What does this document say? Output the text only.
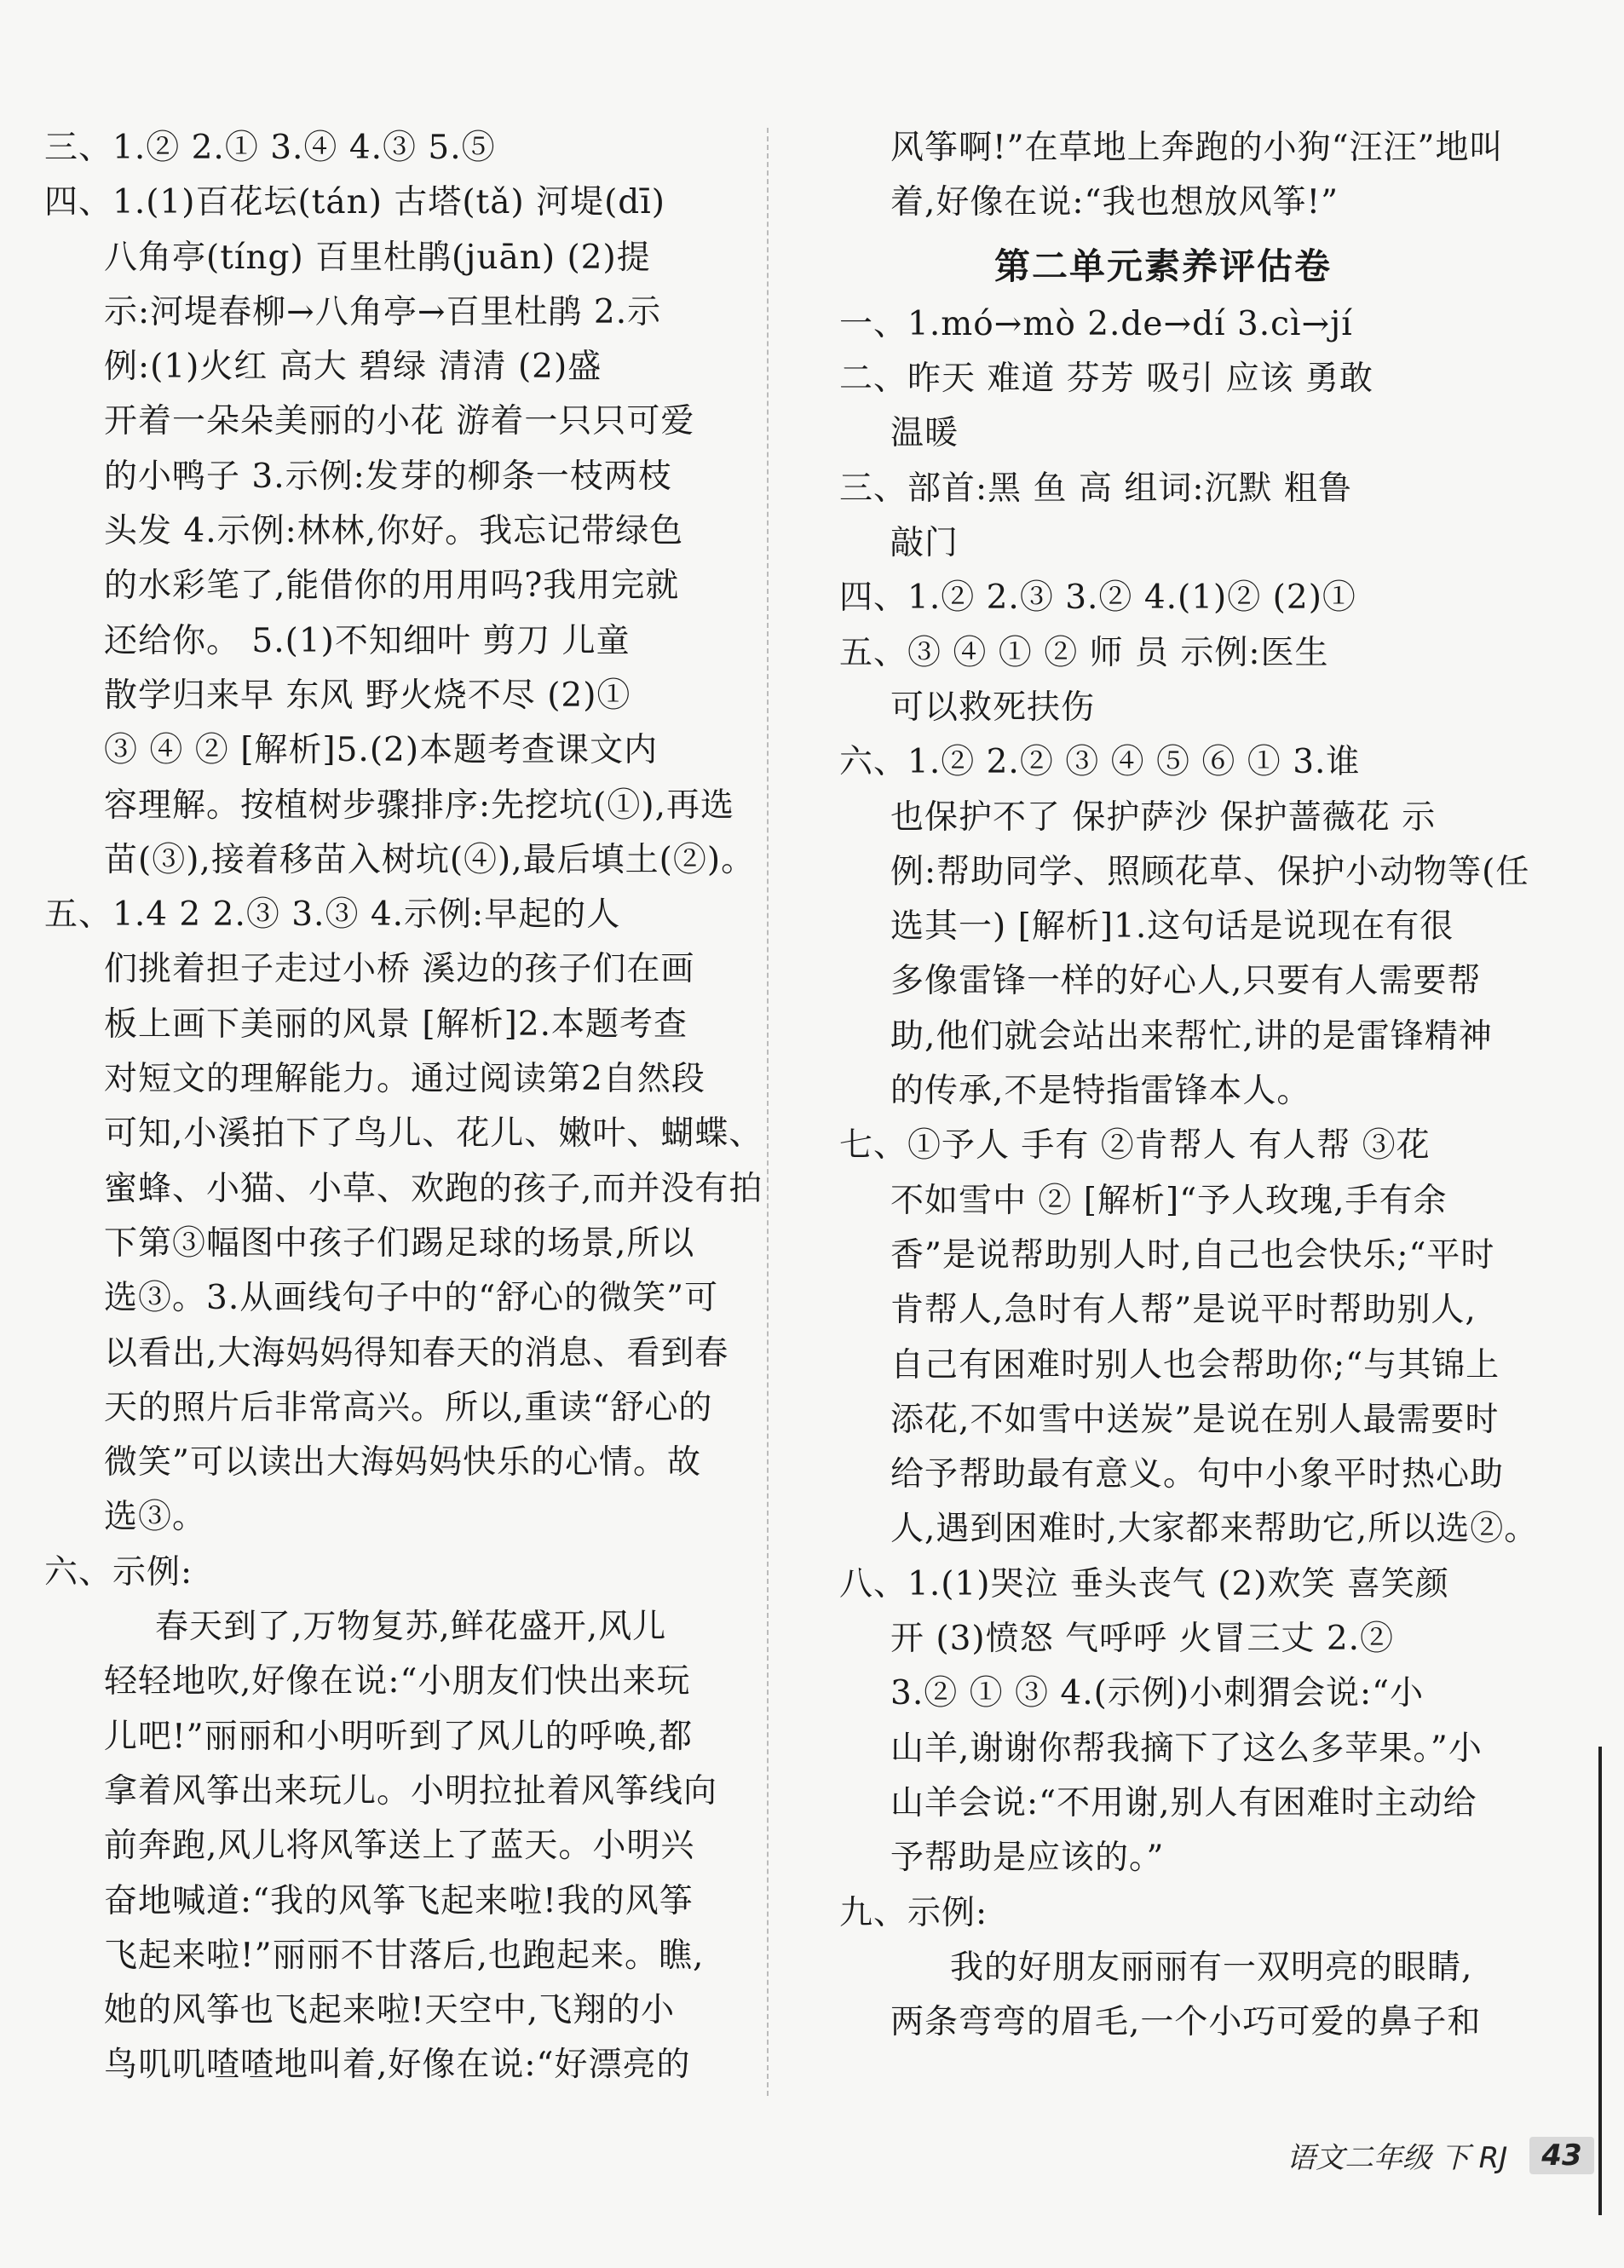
三、1.② 2.① 3.④ 4.③ 5.⑤

四、1.(1)百花坛(tán) 古塔(tǎ) 河堤(dī)

八角亭(tíng) 百里杜鹃(juān) (2)提

示:河堤春柳→八角亭→百里杜鹃 2.示

例:(1)火红 高大 碧绿 清清 (2)盛

开着一朵朵美丽的小花 游着一只只可爱

的小鸭子 3.示例:发芽的柳条一枝两枝

头发 4.示例:林林,你好。我忘记带绿色

的水彩笔了,能借你的用用吗?我用完就

还给你。 5.(1)不知细叶 剪刀 儿童

散学归来早 东风 野火烧不尽 (2)①

③ ④ ② [解析]5.(2)本题考查课文内

容理解。按植树步骤排序:先挖坑(①),再选

苗(③),接着移苗入树坑(④),最后填土(②)。

五、1.4 2 2.③ 3.③ 4.示例:早起的人

们挑着担子走过小桥 溪边的孩子们在画

板上画下美丽的风景 [解析]2.本题考查

对短文的理解能力。通过阅读第2自然段

可知,小溪拍下了鸟儿、花儿、嫩叶、蝴蝶、

蜜蜂、小猫、小草、欢跑的孩子,而并没有拍

下第③幅图中孩子们踢足球的场景,所以

选③。3.从画线句子中的“舒心的微笑”可

以看出,大海妈妈得知春天的消息、看到春

天的照片后非常高兴。所以,重读“舒心的

微笑”可以读出大海妈妈快乐的心情。故

选③。

六、示例:

春天到了,万物复苏,鲜花盛开,风儿

轻轻地吹,好像在说:“小朋友们快出来玩

儿吧!”丽丽和小明听到了风儿的呼唤,都

拿着风筝出来玩儿。小明拉扯着风筝线向

前奔跑,风儿将风筝送上了蓝天。小明兴

奋地喊道:“我的风筝飞起来啦!我的风筝

飞起来啦!”丽丽不甘落后,也跑起来。瞧,

她的风筝也飞起来啦!天空中,飞翔的小

鸟叽叽喳喳地叫着,好像在说:“好漂亮的

风筝啊!”在草地上奔跑的小狗“汪汪”地叫

着,好像在说:“我也想放风筝!”

第二单元素养评估卷

一、1.mó→mò 2.de→dí 3.cì→jí

二、昨天 难道 芬芳 吸引 应该 勇敢

温暖

三、部首:黑 鱼 高 组词:沉默 粗鲁

敲门

四、1.② 2.③ 3.② 4.(1)② (2)①

五、③ ④ ① ② 师 员 示例:医生

可以救死扶伤

六、1.② 2.② ③ ④ ⑤ ⑥ ① 3.谁

也保护不了 保护萨沙 保护蔷薇花 示

例:帮助同学、照顾花草、保护小动物等(任

选其一) [解析]1.这句话是说现在有很

多像雷锋一样的好心人,只要有人需要帮

助,他们就会站出来帮忙,讲的是雷锋精神

的传承,不是特指雷锋本人。

七、①予人 手有 ②肯帮人 有人帮 ③花

不如雪中 ② [解析]“予人玫瑰,手有余

香”是说帮助别人时,自己也会快乐;“平时

肯帮人,急时有人帮”是说平时帮助别人,

自己有困难时别人也会帮助你;“与其锦上

添花,不如雪中送炭”是说在别人最需要时

给予帮助最有意义。句中小象平时热心助

人,遇到困难时,大家都来帮助它,所以选②。

八、1.(1)哭泣 垂头丧气 (2)欢笑 喜笑颜

开 (3)愤怒 气呼呼 火冒三丈 2.②

3.② ① ③ 4.(示例)小刺猬会说:“小

山羊,谢谢你帮我摘下了这么多苹果。”小

山羊会说:“不用谢,别人有困难时主动给

予帮助是应该的。”

九、示例:

我的好朋友丽丽有一双明亮的眼睛,

两条弯弯的眉毛,一个小巧可爱的鼻子和

语文二年级 下 RJ	43
